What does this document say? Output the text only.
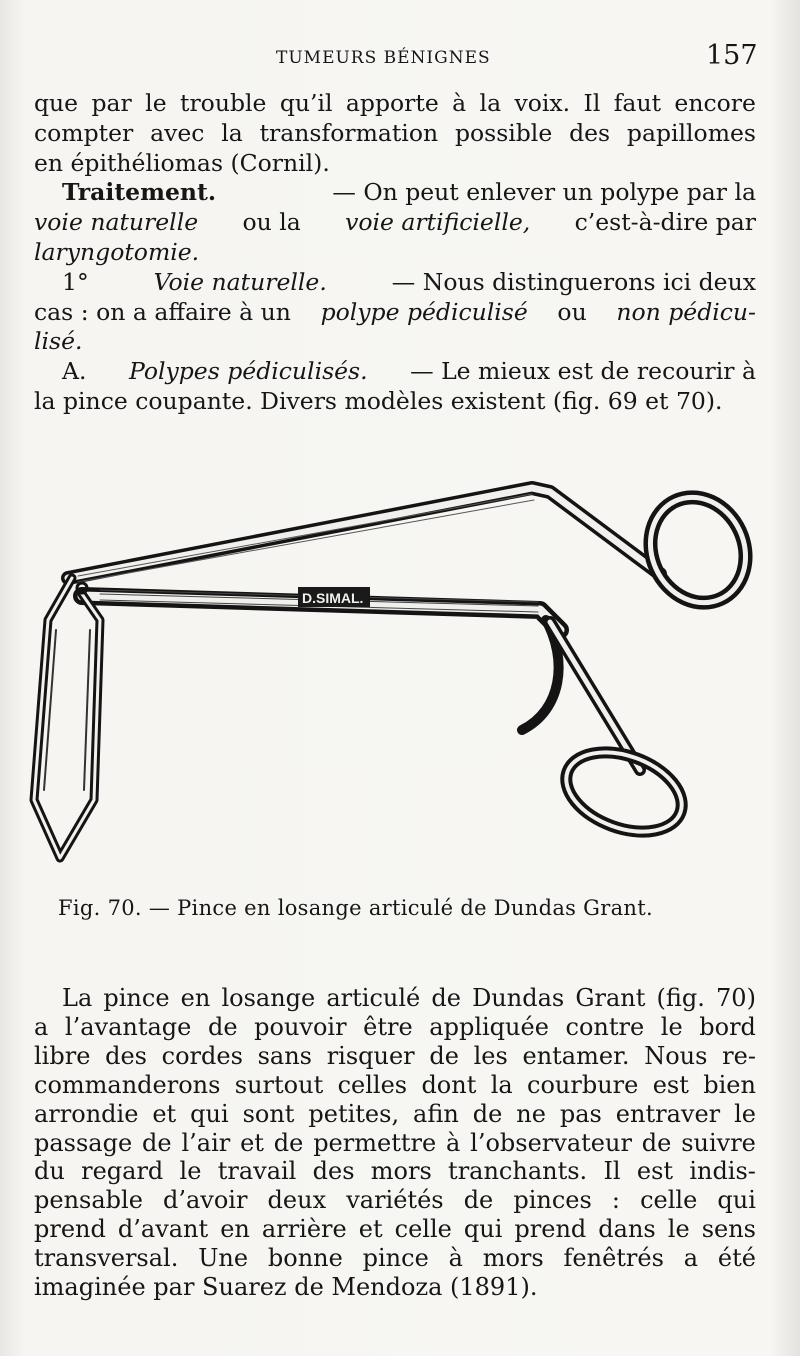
TUMEURS BÉNIGNES	157
que par le trouble qu’il apporte à la voix. Il faut encore
compter avec la transformation possible des papillomes
en épithéliomas (Cornil).
Traitement.	— On peut enlever un polype par la
voie naturelle ou la voie artificielle, c’est-à-dire par
laryngotomie.
1°	Voie naturelle.	— Nous distinguerons ici deux
cas : on a affaire à un polype pédiculisé ou non pédicu-
lisé.
A. Polypes pédiculisés. — Le mieux est de recourir à
la pince coupante. Divers modèles existent (fig. 69 et 70).
D.SIMAL.
Fig. 70. — Pince en losange articulé de Dundas Grant.
La pince en losange articulé de Dundas Grant (fig. 70)
a l’avantage de pouvoir être appliquée contre le bord
libre des cordes sans risquer de les entamer. Nous re-
commanderons surtout celles dont la courbure est bien
arrondie et qui sont petites, afin de ne pas entraver le
passage de l’air et de permettre à l’observateur de suivre
du regard le travail des mors tranchants. Il est indis-
pensable d’avoir deux variétés de pinces : celle qui
prend d’avant en arrière et celle qui prend dans le sens
transversal. Une bonne pince à mors fenêtrés a été
imaginée par Suarez de Mendoza (1891).
